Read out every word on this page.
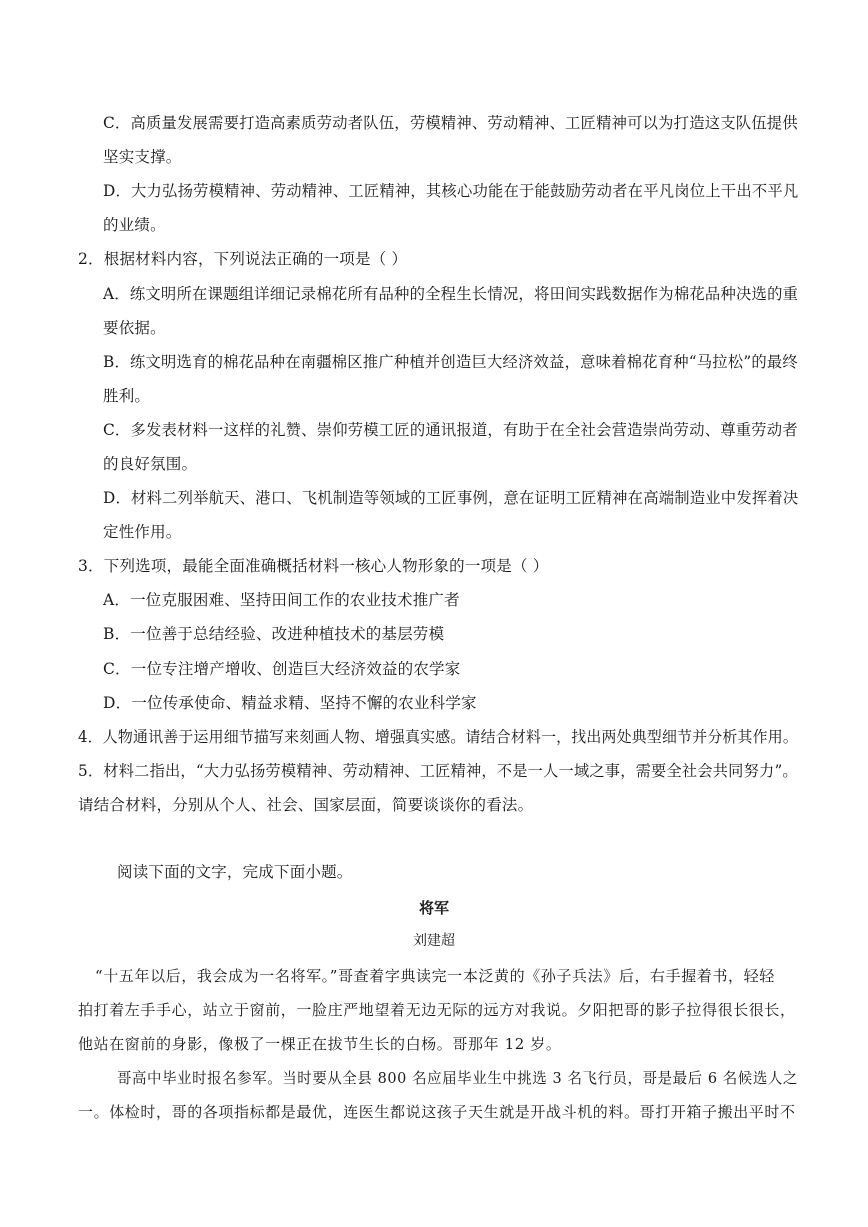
C．高质量发展需要打造高素质劳动者队伍，劳模精神、劳动精神、工匠精神可以为打造这支队伍提供
坚实支撑。
D．大力弘扬劳模精神、劳动精神、工匠精神，其核心功能在于能鼓励劳动者在平凡岗位上干出不平凡
的业绩。
2．根据材料内容，下列说法正确的一项是（ ）
A．练文明所在课题组详细记录棉花所有品种的全程生长情况，将田间实践数据作为棉花品种决选的重
要依据。
B．练文明选育的棉花品种在南疆棉区推广种植并创造巨大经济效益，意味着棉花育种“马拉松”的最终
胜利。
C．多发表材料一这样的礼赞、崇仰劳模工匠的通讯报道，有助于在全社会营造崇尚劳动、尊重劳动者
的良好氛围。
D．材料二列举航天、港口、飞机制造等领域的工匠事例，意在证明工匠精神在高端制造业中发挥着决
定性作用。
3．下列选项，最能全面准确概括材料一核心人物形象的一项是（ ）
A．一位克服困难、坚持田间工作的农业技术推广者
B．一位善于总结经验、改进种植技术的基层劳模
C．一位专注增产增收、创造巨大经济效益的农学家
D．一位传承使命、精益求精、坚持不懈的农业科学家
4．人物通讯善于运用细节描写来刻画人物、增强真实感。请结合材料一，找出两处典型细节并分析其作用。
5．材料二指出，“大力弘扬劳模精神、劳动精神、工匠精神，不是一人一域之事，需要全社会共同努力”。
请结合材料，分别从个人、社会、国家层面，简要谈谈你的看法。
阅读下面的文字，完成下面小题。
将军
刘建超
“十五年以后，我会成为一名将军。”哥查着字典读完一本泛黄的《孙子兵法》后，右手握着书，轻轻
拍打着左手手心，站立于窗前，一脸庄严地望着无边无际的远方对我说。夕阳把哥的影子拉得很长很长，
他站在窗前的身影，像极了一棵正在拔节生长的白杨。哥那年 12 岁。
哥高中毕业时报名参军。当时要从全县 800 名应届毕业生中挑选 3 名飞行员，哥是最后 6 名候选人之
一。体检时，哥的各项指标都是最优，连医生都说这孩子天生就是开战斗机的料。哥打开箱子搬出平时不
